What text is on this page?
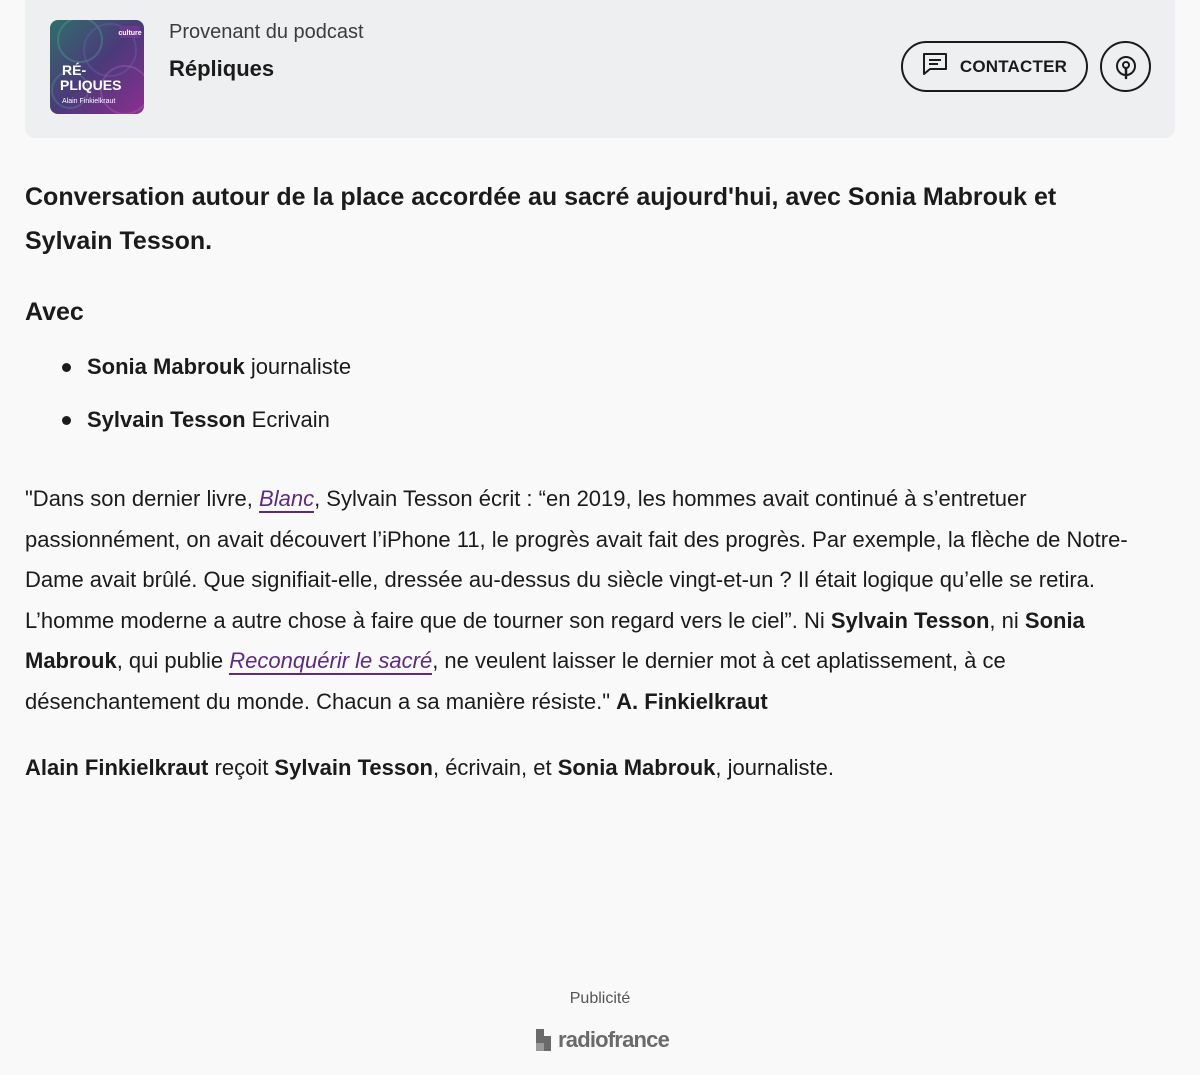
culture
RÉ-
PLIQUES
Alain Finkielkraut
Provenant du podcast
Répliques	CONTACTER

Conversation autour de la place accordée au sacré aujourd'hui, avec Sonia Mabrouk et Sylvain Tesson.

Avec
Sonia Mabrouk journaliste
Sylvain Tesson Ecrivain

"Dans son dernier livre, Blanc, Sylvain Tesson écrit : “en 2019, les hommes avait continué à s’entretuer passionnément, on avait découvert l’iPhone 11, le progrès avait fait des progrès. Par exemple, la flèche de Notre-Dame avait brûlé. Que signifiait-elle, dressée au-dessus du siècle vingt-et-un ? Il était logique qu’elle se retira. L’homme moderne a autre chose à faire que de tourner son regard vers le ciel”. Ni Sylvain Tesson, ni Sonia Mabrouk, qui publie Reconquérir le sacré, ne veulent laisser le dernier mot à cet aplatissement, à ce désenchantement du monde. Chacun a sa manière résiste." A. Finkielkraut

Alain Finkielkraut reçoit Sylvain Tesson, écrivain, et Sonia Mabrouk, journaliste.

Publicité
radiofrance
